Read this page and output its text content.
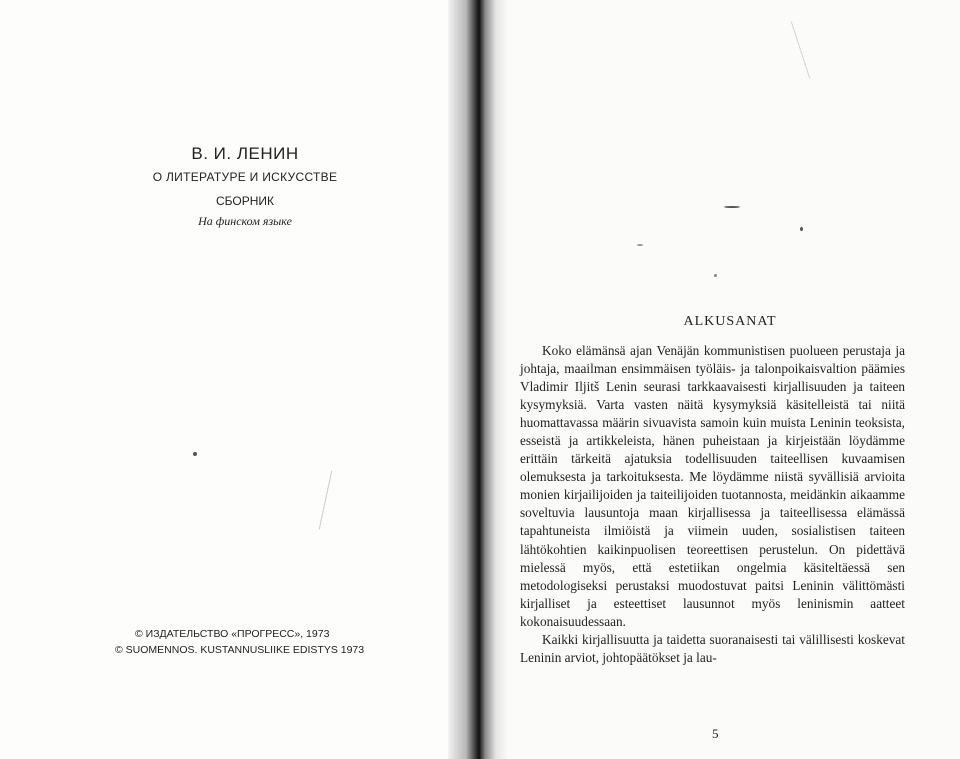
В. И. ЛЕНИН
О ЛИТЕРАТУРЕ И ИСКУССТВЕ
СБОРНИК
На финском языке
© ИЗДАТЕЛЬСТВО «ПРОГРЕСС», 1973
© SUOMENNOS. KUSTANNUSLIIKE EDISTYS 1973
ALKUSANAT

Koko elämänsä ajan Venäjän kommunistisen puolueen perustaja ja johtaja, maailman ensimmäisen työläis- ja talonpoikaisvaltion päämies Vladimir Iljitš Lenin seurasi tarkkaavaisesti kirjallisuuden ja taiteen kysymyksiä. Varta vasten näitä kysymyksiä käsitelleistä tai niitä huomattavassa määrin sivuavista samoin kuin muista Leninin teoksista, esseistä ja artikkeleista, hänen puheistaan ja kirjeistään löydämme erittäin tärkeitä ajatuksia todellisuuden taiteellisen kuvaamisen olemuksesta ja tarkoituksesta. Me löydämme niistä syvällisiä arvioita monien kirjailijoiden ja taiteilijoiden tuotannosta, meidänkin aikaamme soveltuvia lausuntoja maan kirjallisessa ja taiteellisessa elämässä tapahtuneista ilmiöistä ja viimein uuden, sosialistisen taiteen lähtökohtien kaikinpuolisen teoreettisen perustelun. On pidettävä mielessä myös, että estetiikan ongelmia käsiteltäessä sen metodologiseksi perustaksi muodostuvat paitsi Leninin välittömästi kirjalliset ja esteettiset lausunnot myös leninismin aatteet kokonaisuudessaan.

Kaikki kirjallisuutta ja taidetta suoranaisesti tai välillisesti koskevat Leninin arviot, johtopäätökset ja lau-

5
